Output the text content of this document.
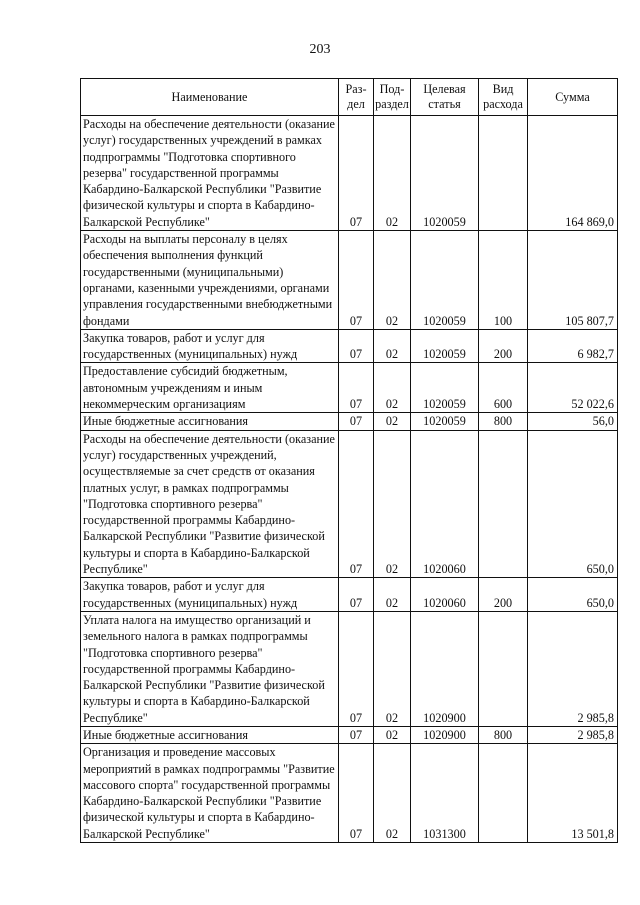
203
Наименование	Раз-дел	Под-раздел	Целевая статья	Вид расхода	Сумма
Расходы на обеспечение деятельности (оказание услуг) государственных учреждений в рамках подпрограммы "Подготовка спортивного резерва" государственной программы Кабардино-Балкарской Республики "Развитие физической культуры и спорта в Кабардино-Балкарской Республике"	07	02	1020059		164 869,0
Расходы на выплаты персоналу в целях обеспечения выполнения функций государственными (муниципальными) органами, казенными учреждениями, органами управления государственными внебюджетными фондами	07	02	1020059	100	105 807,7
Закупка товаров, работ и услуг для государственных (муниципальных) нужд	07	02	1020059	200	6 982,7
Предоставление субсидий бюджетным, автономным учреждениям и иным некоммерческим организациям	07	02	1020059	600	52 022,6
Иные бюджетные ассигнования	07	02	1020059	800	56,0
Расходы на обеспечение деятельности (оказание услуг) государственных учреждений, осуществляемые за счет средств от оказания платных услуг, в рамках подпрограммы "Подготовка спортивного резерва" государственной программы Кабардино-Балкарской Республики "Развитие физической культуры и спорта в Кабардино-Балкарской Республике"	07	02	1020060		650,0
Закупка товаров, работ и услуг для государственных (муниципальных) нужд	07	02	1020060	200	650,0
Уплата налога на имущество организаций и земельного налога в рамках подпрограммы "Подготовка спортивного резерва" государственной программы Кабардино-Балкарской Республики "Развитие физической культуры и спорта в Кабардино-Балкарской Республике"	07	02	1020900		2 985,8
Иные бюджетные ассигнования	07	02	1020900	800	2 985,8
Организация и проведение массовых мероприятий в рамках подпрограммы "Развитие массового спорта" государственной программы Кабардино-Балкарской Республики "Развитие физической культуры и спорта в Кабардино-Балкарской Республике"	07	02	1031300		13 501,8
